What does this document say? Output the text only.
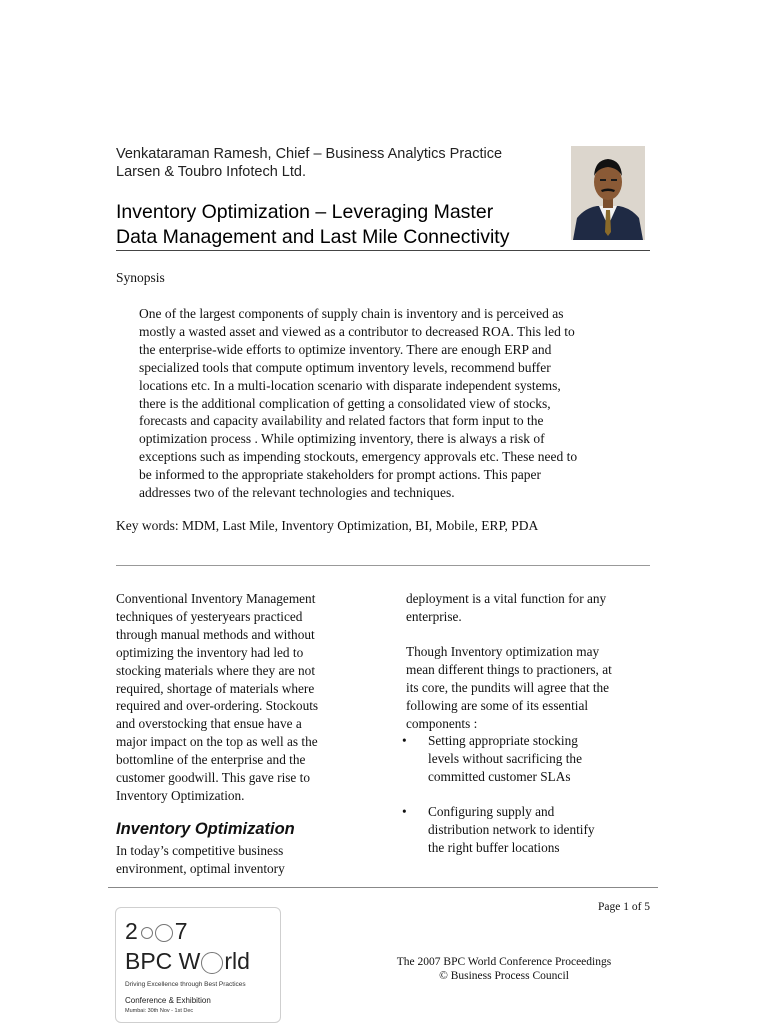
Venkataraman Ramesh, Chief – Business Analytics Practice
Larsen & Toubro Infotech Ltd.
Inventory Optimization – Leveraging Master
Data Management and Last Mile Connectivity
Synopsis
One of the largest components of supply chain is inventory and is perceived as
mostly a wasted asset and viewed as a contributor to decreased ROA. This led to
the enterprise-wide efforts to optimize inventory. There are enough ERP and
specialized tools that compute optimum inventory levels, recommend buffer
locations etc. In a multi-location scenario with disparate independent systems,
there is the additional complication of getting a consolidated view of stocks,
forecasts and capacity availability and related factors that form input to the
optimization process . While optimizing inventory, there is always a risk of
exceptions such as impending stockouts, emergency approvals etc. These need to
be informed to the appropriate stakeholders for prompt actions. This paper
addresses two of the relevant technologies and techniques.
Key words: MDM, Last Mile, Inventory Optimization, BI, Mobile, ERP, PDA
Conventional Inventory Management
techniques of yesteryears practiced
through manual methods and without
optimizing the inventory had led to
stocking materials where they are not
required, shortage of materials where
required and over-ordering. Stockouts
and overstocking that ensue have a
major impact on the top as well as the
bottomline of the enterprise and the
customer goodwill. This gave rise to
Inventory Optimization.
Inventory Optimization
In today’s competitive business
environment, optimal inventory
deployment is a vital function for any
enterprise.
Though Inventory optimization may
mean different things to practioners, at
its core, the pundits will agree that the
following are some of its essential
components :
• Setting appropriate stocking
levels without sacrificing the
committed customer SLAs
• Configuring supply and
distribution network to identify
the right buffer locations
Page 1 of 5
The 2007 BPC World Conference Proceedings
© Business Process Council
2 7
BPC W rld
Driving Excellence through Best Practices
Conference & Exhibition
Mumbai: 30th Nov - 1st Dec
